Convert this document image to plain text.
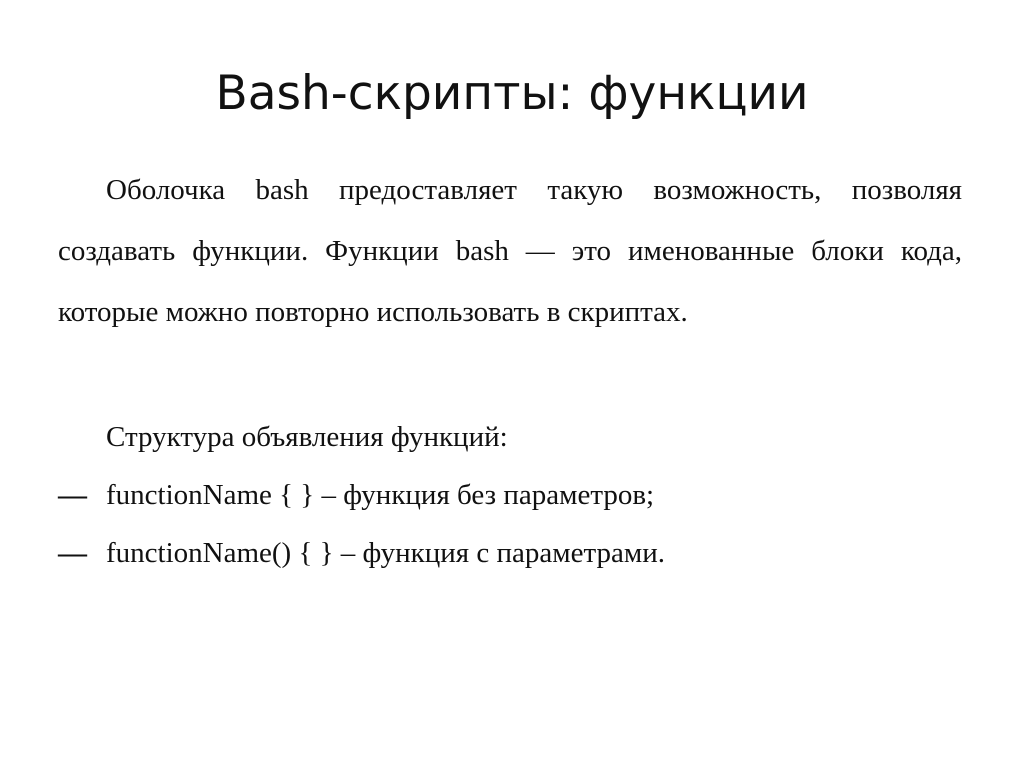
Bash-скрипты: функции

Оболочка bash предоставляет такую возможность, позволяя создавать функции. Функции bash — это именованные блоки кода, которые можно повторно использовать в скриптах.

Структура объявления функций:

— functionName { } – функция без параметров;
— functionName() { } – функция с параметрами.
